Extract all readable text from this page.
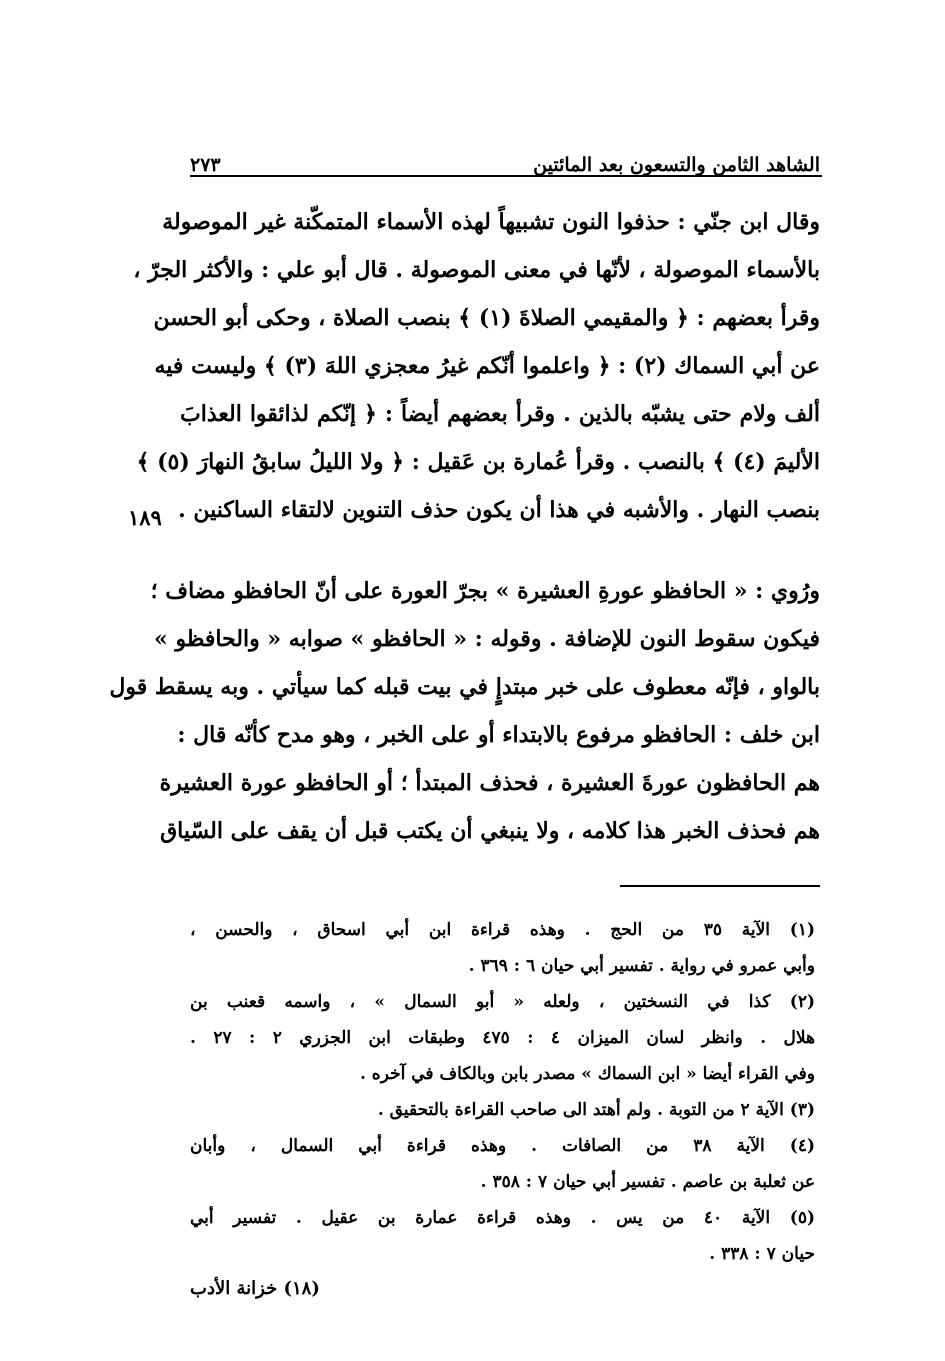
الشاهد الثامن والتسعون بعد المائتين
٢٧٣
وقال ابن جنّي : حذفوا النون تشبيهاً لهذه الأسماء المتمكّنة غير الموصولة
بالأسماء الموصولة ، لأنّها في معنى الموصولة . قال أبو علي : والأكثر الجرّ ،
وقرأ بعضهم : ﴿ والمقيمي الصلاةَ (١) ﴾ بنصب الصلاة ، وحكى أبو الحسن
عن أبي السماك (٢) : ﴿ واعلموا أنّكم غيرُ معجزي اللهَ (٣) ﴾ وليست فيه
ألف ولام حتى يشبّه بالذين . وقرأ بعضهم أيضاً : ﴿ إنّكم لذائقوا العذابَ
الأليمَ (٤) ﴾ بالنصب . وقرأ عُمارة بن عَقيل : ﴿ ولا الليلُ سابقُ النهارَ (٥) ﴾
بنصب النهار . والأشبه في هذا أن يكون حذف التنوين لالتقاء الساكنين .
ورُوي : « الحافظو عورةِ العشيرة » بجرّ العورة على أنّ الحافظو مضاف ؛
فيكون سقوط النون للإضافة . وقوله : « الحافظو » صوابه « والحافظو »
بالواو ، فإنّه معطوف على خبر مبتدإٍ في بيت قبله كما سيأتي . وبه يسقط قول
ابن خلف : الحافظو مرفوع بالابتداء أو على الخبر ، وهو مدح كأنّه قال :
هم الحافظون عورةَ العشيرة ، فحذف المبتدأ ؛ أو الحافظو عورة العشيرة
هم فحذف الخبر هذا كلامه ، ولا ينبغي أن يكتب قبل أن يقف على السّياق
١٨٩
(١) الآية ٣٥ من الحج . وهذه قراءة ابن أبي اسحاق ، والحسن ،
وأبي عمرو في رواية . تفسير أبي حيان ٦ : ٣٦٩ .
(٢) كذا في النسختين ، ولعله « أبو السمال » ، واسمه قعنب بن
هلال . وانظر لسان الميزان ٤ : ٤٧٥ وطبقات ابن الجزري ٢ : ٢٧ .
وفي القراء أيضا « ابن السماك » مصدر بابن وبالكاف في آخره .
(٣) الآية ٢ من التوبة . ولم أهتد الى صاحب القراءة بالتحقيق .
(٤) الآية ٣٨ من الصافات . وهذه قراءة أبي السمال ، وأبان
عن ثعلبة بن عاصم . تفسير أبي حيان ٧ : ٣٥٨ .
(٥) الآية ٤٠ من يس . وهذه قراءة عمارة بن عقيل . تفسير أبي
حيان ٧ : ٣٣٨ .
(١٨) خزانة الأدب
